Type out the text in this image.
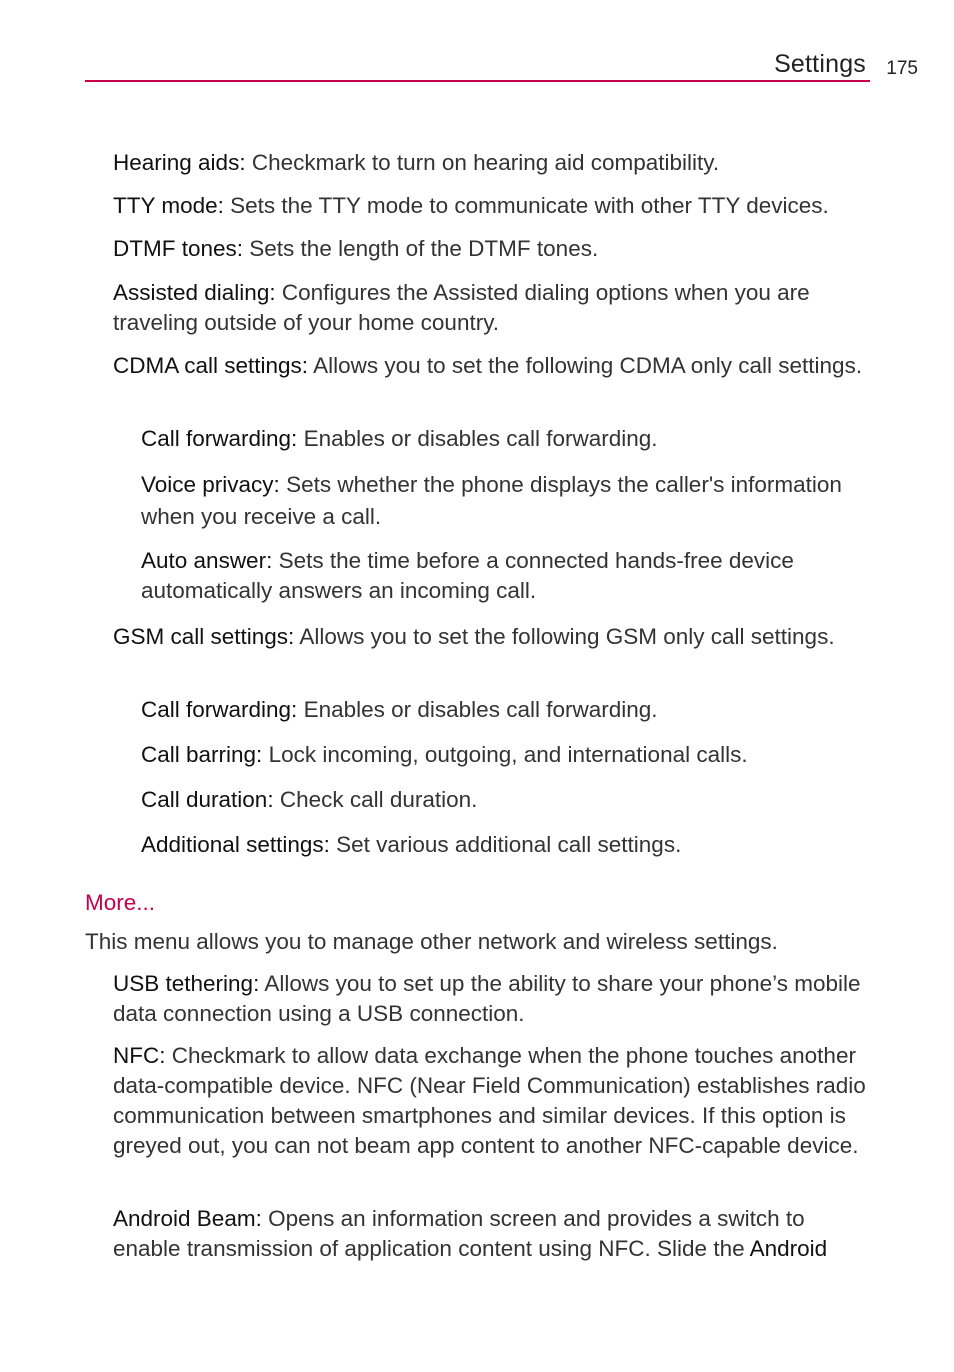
Settings 175

Hearing aids: Checkmark to turn on hearing aid compatibility.

TTY mode: Sets the TTY mode to communicate with other TTY devices.

DTMF tones: Sets the length of the DTMF tones.

Assisted dialing: Configures the Assisted dialing options when you are traveling outside of your home country.

CDMA call settings: Allows you to set the following CDMA only call settings.

Call forwarding: Enables or disables call forwarding.

Voice privacy: Sets whether the phone displays the caller's information when you receive a call.

Auto answer: Sets the time before a connected hands-free device automatically answers an incoming call.

GSM call settings: Allows you to set the following GSM only call settings.

Call forwarding: Enables or disables call forwarding.

Call barring: Lock incoming, outgoing, and international calls.

Call duration: Check call duration.

Additional settings: Set various additional call settings.

More...

This menu allows you to manage other network and wireless settings.

USB tethering: Allows you to set up the ability to share your phone’s mobile data connection using a USB connection.

NFC: Checkmark to allow data exchange when the phone touches another data-compatible device. NFC (Near Field Communication) establishes radio communication between smartphones and similar devices. If this option is greyed out, you can not beam app content to another NFC-capable device.

Android Beam: Opens an information screen and provides a switch to enable transmission of application content using NFC. Slide the Android
